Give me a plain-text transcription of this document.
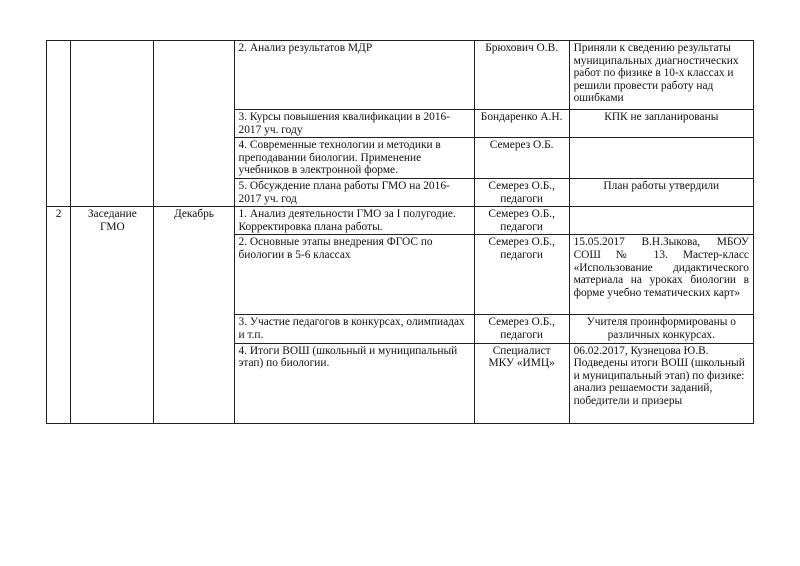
			2. Анализ результатов МДР	Брюхович О.В.	Приняли к сведению результаты муниципальных диагностических работ по физике в 10-х классах и решили провести работу над ошибками
			3. Курсы повышения квалификации в 2016-2017 уч. году	Бондаренко А.Н.	КПК не запланированы
			4. Современные технологии и методики в преподавании биологии. Применение учебников в электронной форме.	Семерез О.Б.	
			5. Обсуждение плана работы ГМО на 2016-2017 уч. год	Семерез О.Б., педагоги	План работы утвердили
2	Заседание ГМО	Декабрь	1. Анализ деятельности ГМО за I полугодие. Корректировка плана работы.	Семерез О.Б., педагоги	
			2. Основные этапы внедрения ФГОС по биологии в 5-6 классах	Семерез О.Б., педагоги	15.05.2017 В.Н.Зыкова, МБОУ СОШ № 13. Мастер-класс «Использование дидактического материала на уроках биологии в форме учебно тематических карт»
			3. Участие педагогов в конкурсах, олимпиадах и т.п.	Семерез О.Б., педагоги	Учителя проинформированы о различных конкурсах.
			4. Итоги ВОШ (школьный и муниципальный этап) по биологии.	Специалист МКУ «ИМЦ»	06.02.2017, Кузнецова Ю.В. Подведены итоги ВОШ (школьный и муниципальный этап) по физике: анализ решаемости заданий, победители и призеры
